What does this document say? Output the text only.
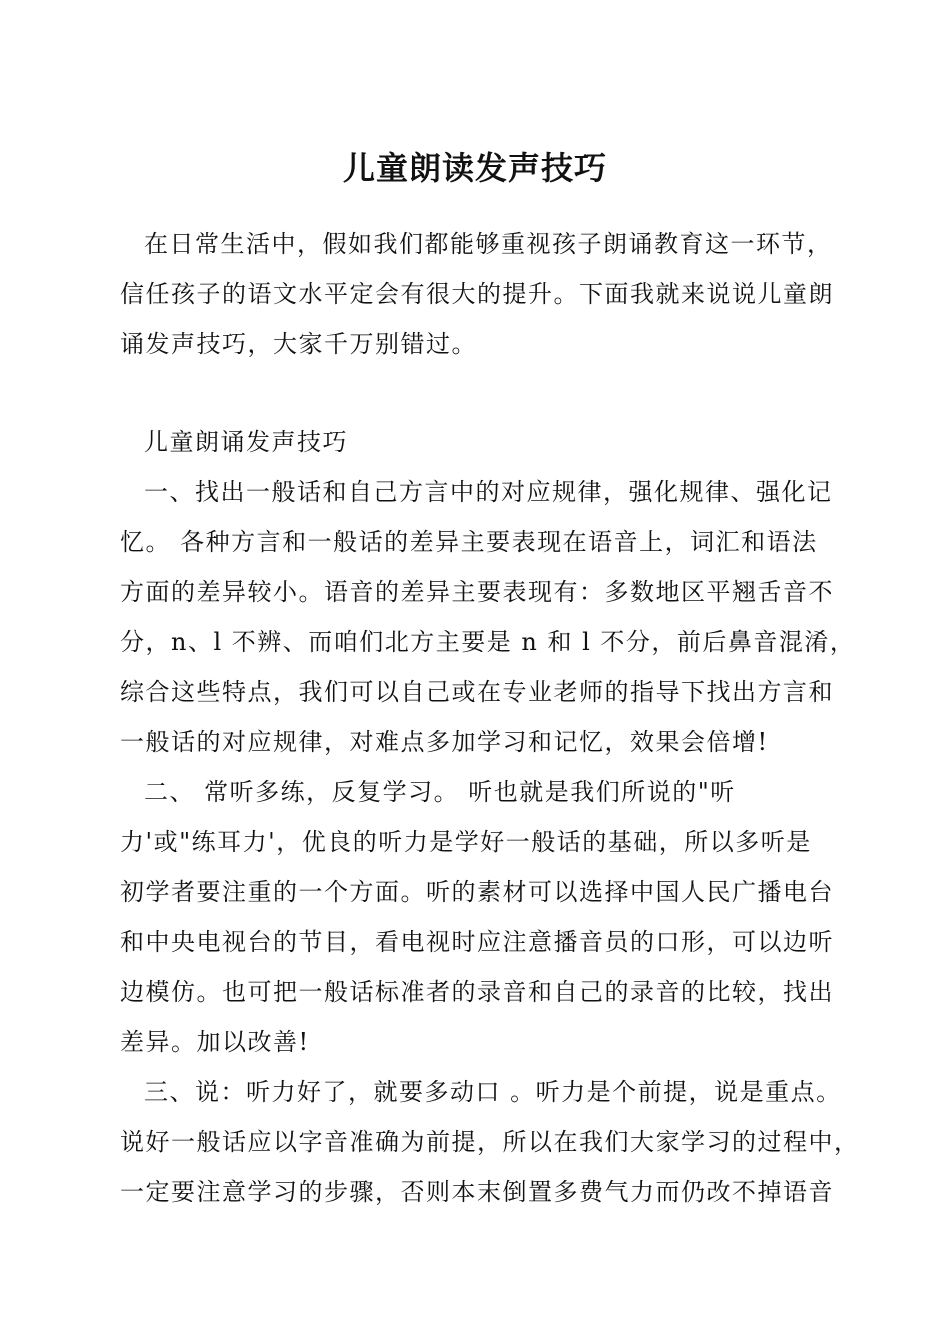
儿童朗读发声技巧
在日常生活中，假如我们都能够重视孩子朗诵教育这一环节，
信任孩子的语文水平定会有很大的提升。下面我就来说说儿童朗
诵发声技巧，大家千万别错过。
儿童朗诵发声技巧
一、找出一般话和自己方言中的对应规律，强化规律、强化记
忆。 各种方言和一般话的差异主要表现在语音上，词汇和语法
方面的差异较小。语音的差异主要表现有：多数地区平翘舌音不
分，n、l 不辨、而咱们北方主要是 n 和 l 不分，前后鼻音混淆，
综合这些特点，我们可以自己或在专业老师的指导下找出方言和
一般话的对应规律，对难点多加学习和记忆，效果会倍增!
二、 常听多练，反复学习。 听也就是我们所说的"听
力'或"练耳力'，优良的听力是学好一般话的基础，所以多听是
初学者要注重的一个方面。听的素材可以选择中国人民广播电台
和中央电视台的节目，看电视时应注意播音员的口形，可以边听
边模仿。也可把一般话标准者的录音和自己的录音的比较，找出
差异。加以改善!
三、说：听力好了，就要多动口 。听力是个前提，说是重点。
说好一般话应以字音准确为前提，所以在我们大家学习的过程中，
一定要注意学习的步骤，否则本末倒置多费气力而仍改不掉语音
